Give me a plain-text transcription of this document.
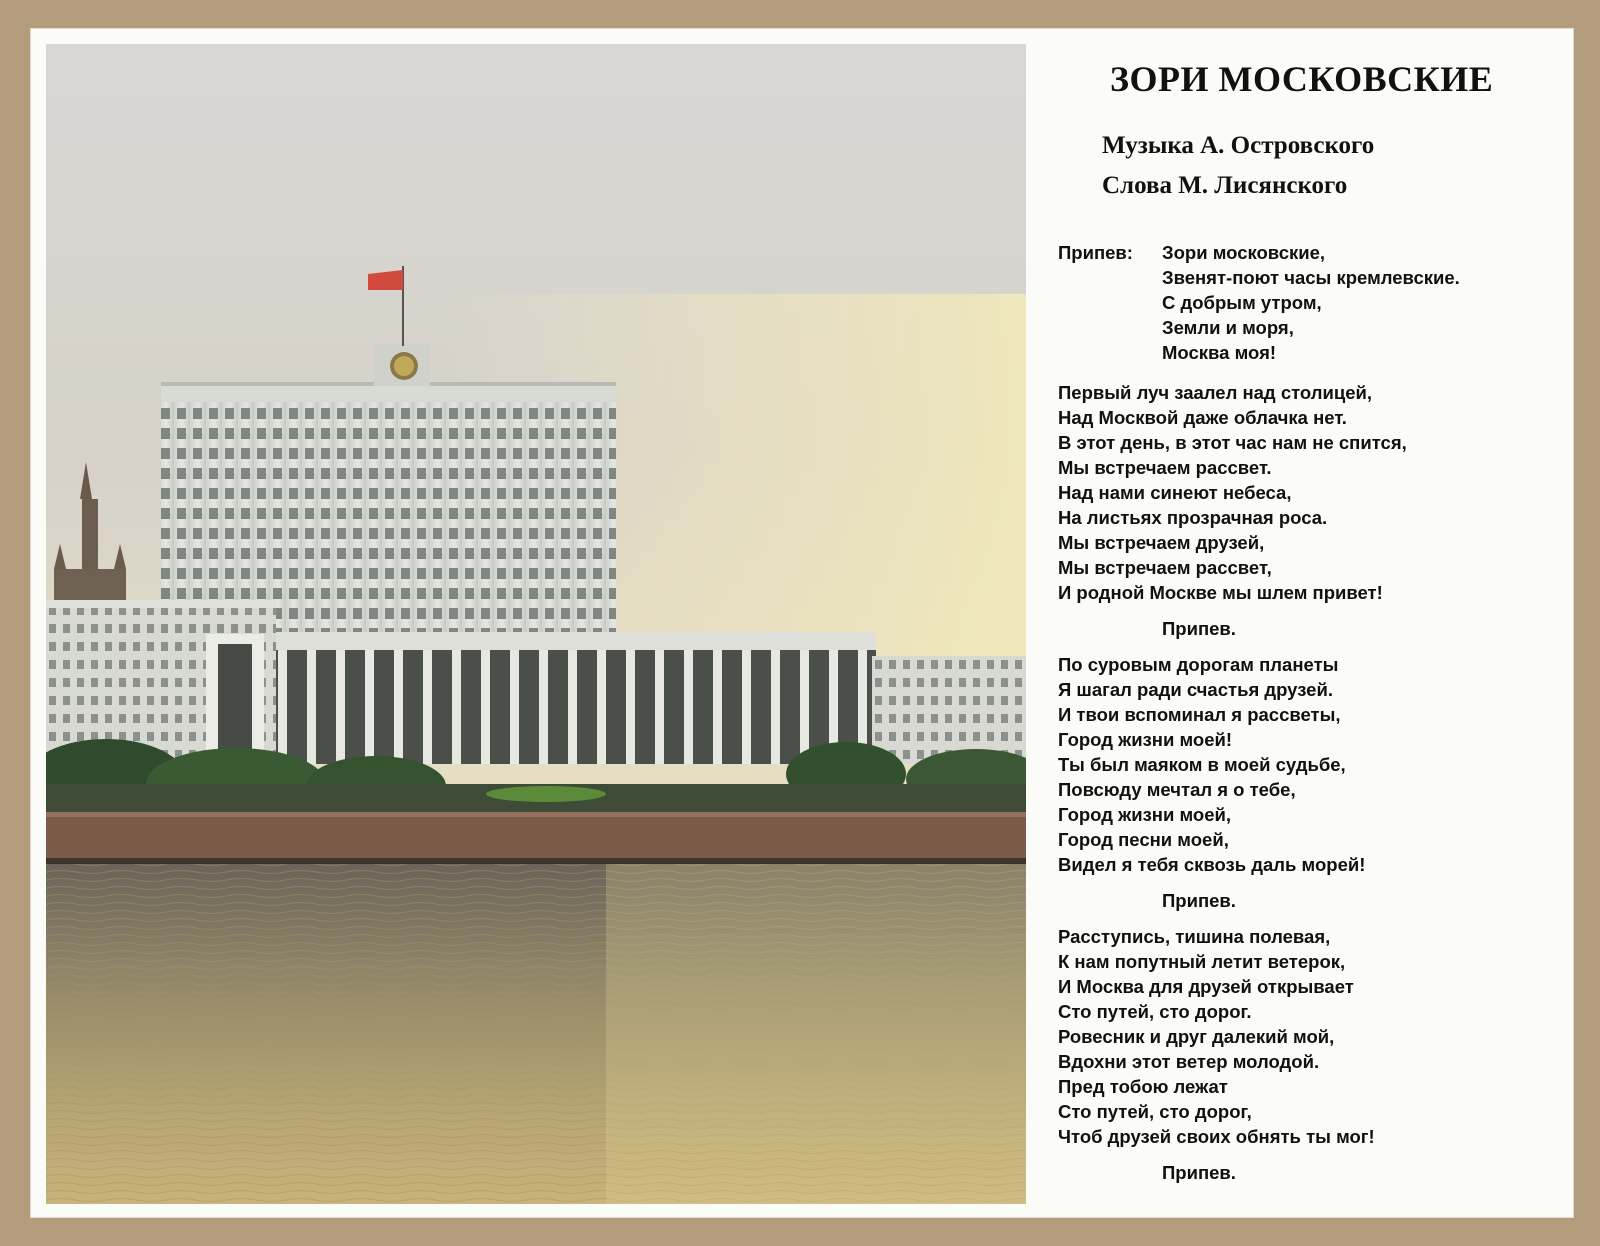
ЗОРИ МОСКОВСКИЕ
Музыка А. Островского
Слова М. Лисянского
Припев: Зори московские,
Звенят-поют часы кремлевские.
С добрым утром,
Земли и моря,
Москва моя!
Первый луч заалел над столицей,
Над Москвой даже облачка нет.
В этот день, в этот час нам не спится,
Мы встречаем рассвет.
Над нами синеют небеса,
На листьях прозрачная роса.
Мы встречаем друзей,
Мы встречаем рассвет,
И родной Москве мы шлем привет!
Припев.
По суровым дорогам планеты
Я шагал ради счастья друзей.
И твои вспоминал я рассветы,
Город жизни моей!
Ты был маяком в моей судьбе,
Повсюду мечтал я о тебе,
Город жизни моей,
Город песни моей,
Видел я тебя сквозь даль морей!
Припев.
Расступись, тишина полевая,
К нам попутный летит ветерок,
И Москва для друзей открывает
Сто путей, сто дорог.
Ровесник и друг далекий мой,
Вдохни этот ветер молодой.
Пред тобою лежат
Сто путей, сто дорог,
Чтоб друзей своих обнять ты мог!
Припев.
